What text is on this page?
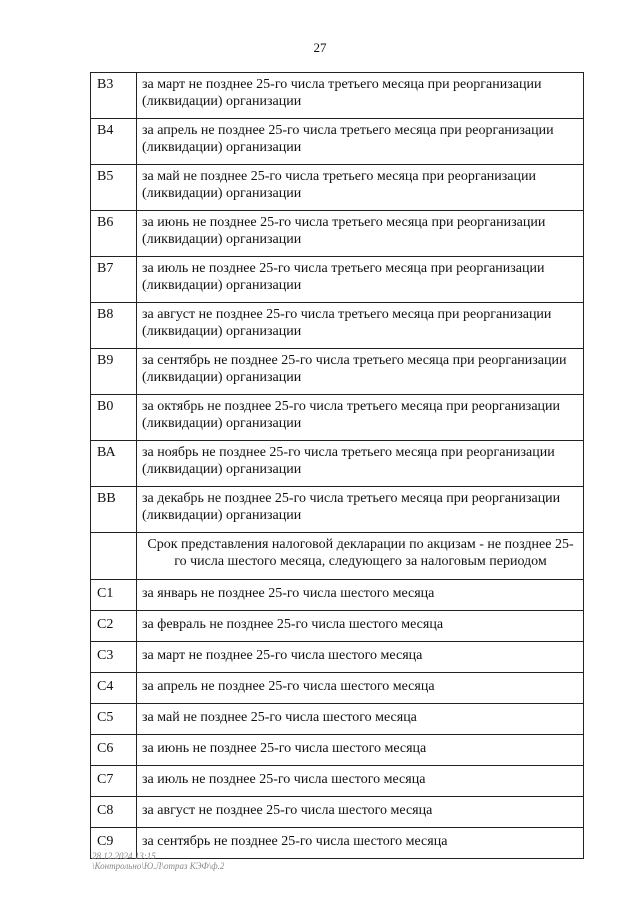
27
В3	за март не позднее 25-го числа третьего месяца при реорганизации (ликвидации) организации
В4	за апрель не позднее 25-го числа третьего месяца при реорганизации (ликвидации) организации
В5	за май не позднее 25-го числа третьего месяца при реорганизации (ликвидации) организации
В6	за июнь не позднее 25-го числа третьего месяца при реорганизации (ликвидации) организации
В7	за июль не позднее 25-го числа третьего месяца при реорганизации (ликвидации) организации
В8	за август не позднее 25-го числа третьего месяца при реорганизации (ликвидации) организации
В9	за сентябрь не позднее 25-го числа третьего месяца при реорганизации (ликвидации) организации
В0	за октябрь не позднее 25-го числа третьего месяца при реорганизации (ликвидации) организации
ВА	за ноябрь не позднее 25-го числа третьего месяца при реорганизации (ликвидации) организации
ВВ	за декабрь не позднее 25-го числа третьего месяца при реорганизации (ликвидации) организации
	Срок представления налоговой декларации по акцизам - не позднее 25-го числа шестого месяца, следующего за налоговым периодом
С1	за январь не позднее 25-го числа шестого месяца
С2	за февраль не позднее 25-го числа шестого месяца
С3	за март не позднее 25-го числа шестого месяца
С4	за апрель не позднее 25-го числа шестого месяца
С5	за май не позднее 25-го числа шестого месяца
С6	за июнь не позднее 25-го числа шестого месяца
С7	за июль не позднее 25-го числа шестого месяца
С8	за август не позднее 25-го числа шестого месяца
С9	за сентябрь не позднее 25-го числа шестого месяца
28.12.2024 13:15
\Контрольно\Ю.Л\отраз КЭФ\ф.2
